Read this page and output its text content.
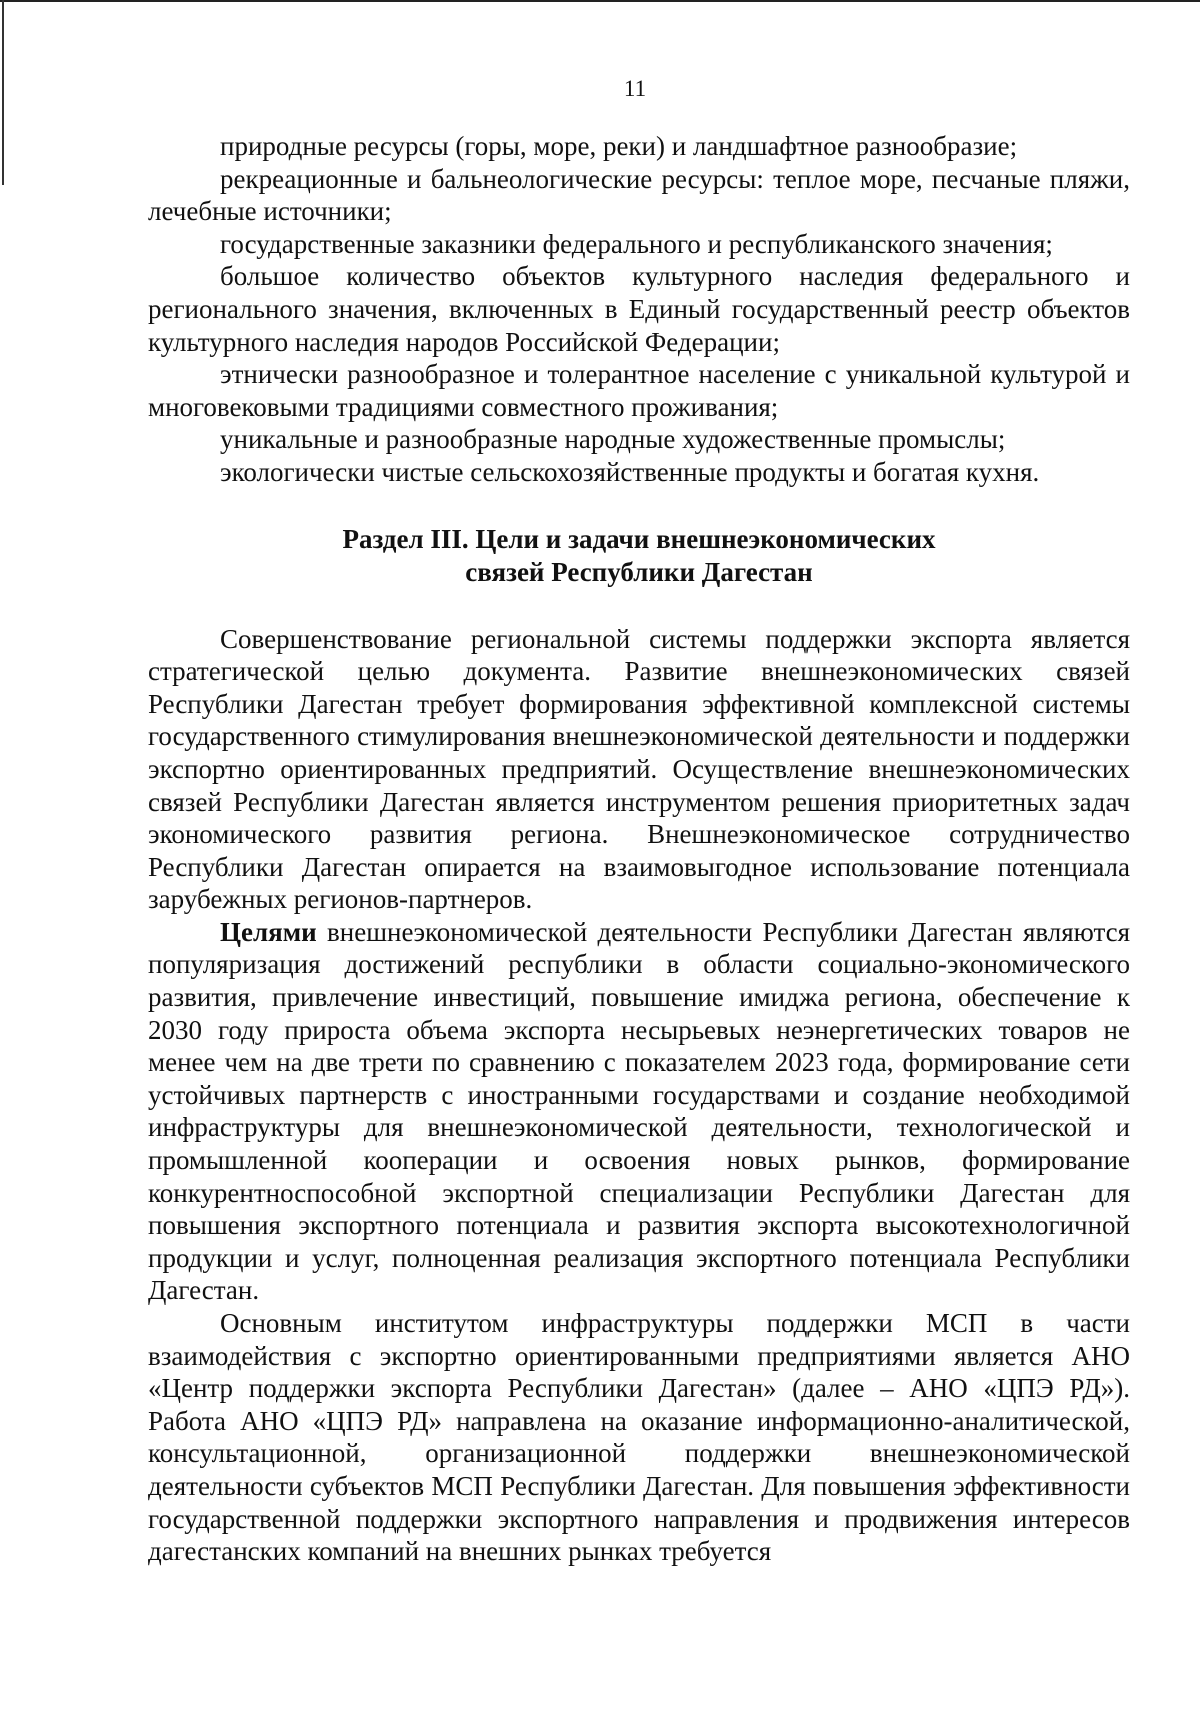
11

природные ресурсы (горы, море, реки) и ландшафтное разнообразие;

рекреационные и бальнеологические ресурсы: теплое море, песчаные пляжи, лечебные источники;

государственные заказники федерального и республиканского значения;

большое количество объектов культурного наследия федерального и регионального значения, включенных в Единый государственный реестр объектов культурного наследия народов Российской Федерации;

этнически разнообразное и толерантное население с уникальной культурой и многовековыми традициями совместного проживания;

уникальные и разнообразные народные художественные промыслы;

экологически чистые сельскохозяйственные продукты и богатая кухня.

Раздел III. Цели и задачи внешнеэкономических
связей Республики Дагестан

Совершенствование региональной системы поддержки экспорта является стратегической целью документа. Развитие внешнеэкономических связей Республики Дагестан требует формирования эффективной комплексной системы государственного стимулирования внешнеэкономической деятельности и поддержки экспортно ориентированных предприятий. Осуществление внешнеэкономических связей Республики Дагестан является инструментом решения приоритетных задач экономического развития региона. Внешнеэкономическое сотрудничество Республики Дагестан опирается на взаимовыгодное использование потенциала зарубежных регионов-партнеров.

Целями внешнеэкономической деятельности Республики Дагестан являются популяризация достижений республики в области социально-экономического развития, привлечение инвестиций, повышение имиджа региона, обеспечение к 2030 году прироста объема экспорта несырьевых неэнергетических товаров не менее чем на две трети по сравнению с показателем 2023 года, формирование сети устойчивых партнерств с иностранными государствами и создание необходимой инфраструктуры для внешнеэкономической деятельности, технологической и промышленной кооперации и освоения новых рынков, формирование конкурентноспособной экспортной специализации Республики Дагестан для повышения экспортного потенциала и развития экспорта высокотехнологичной продукции и услуг, полноценная реализация экспортного потенциала Республики Дагестан.

Основным институтом инфраструктуры поддержки МСП в части взаимодействия с экспортно ориентированными предприятиями является АНО «Центр поддержки экспорта Республики Дагестан» (далее – АНО «ЦПЭ РД»). Работа АНО «ЦПЭ РД» направлена на оказание информационно-аналитической, консультационной, организационной поддержки внешнеэкономической деятельности субъектов МСП Республики Дагестан. Для повышения эффективности государственной поддержки экспортного направления и продвижения интересов дагестанских компаний на внешних рынках требуется
